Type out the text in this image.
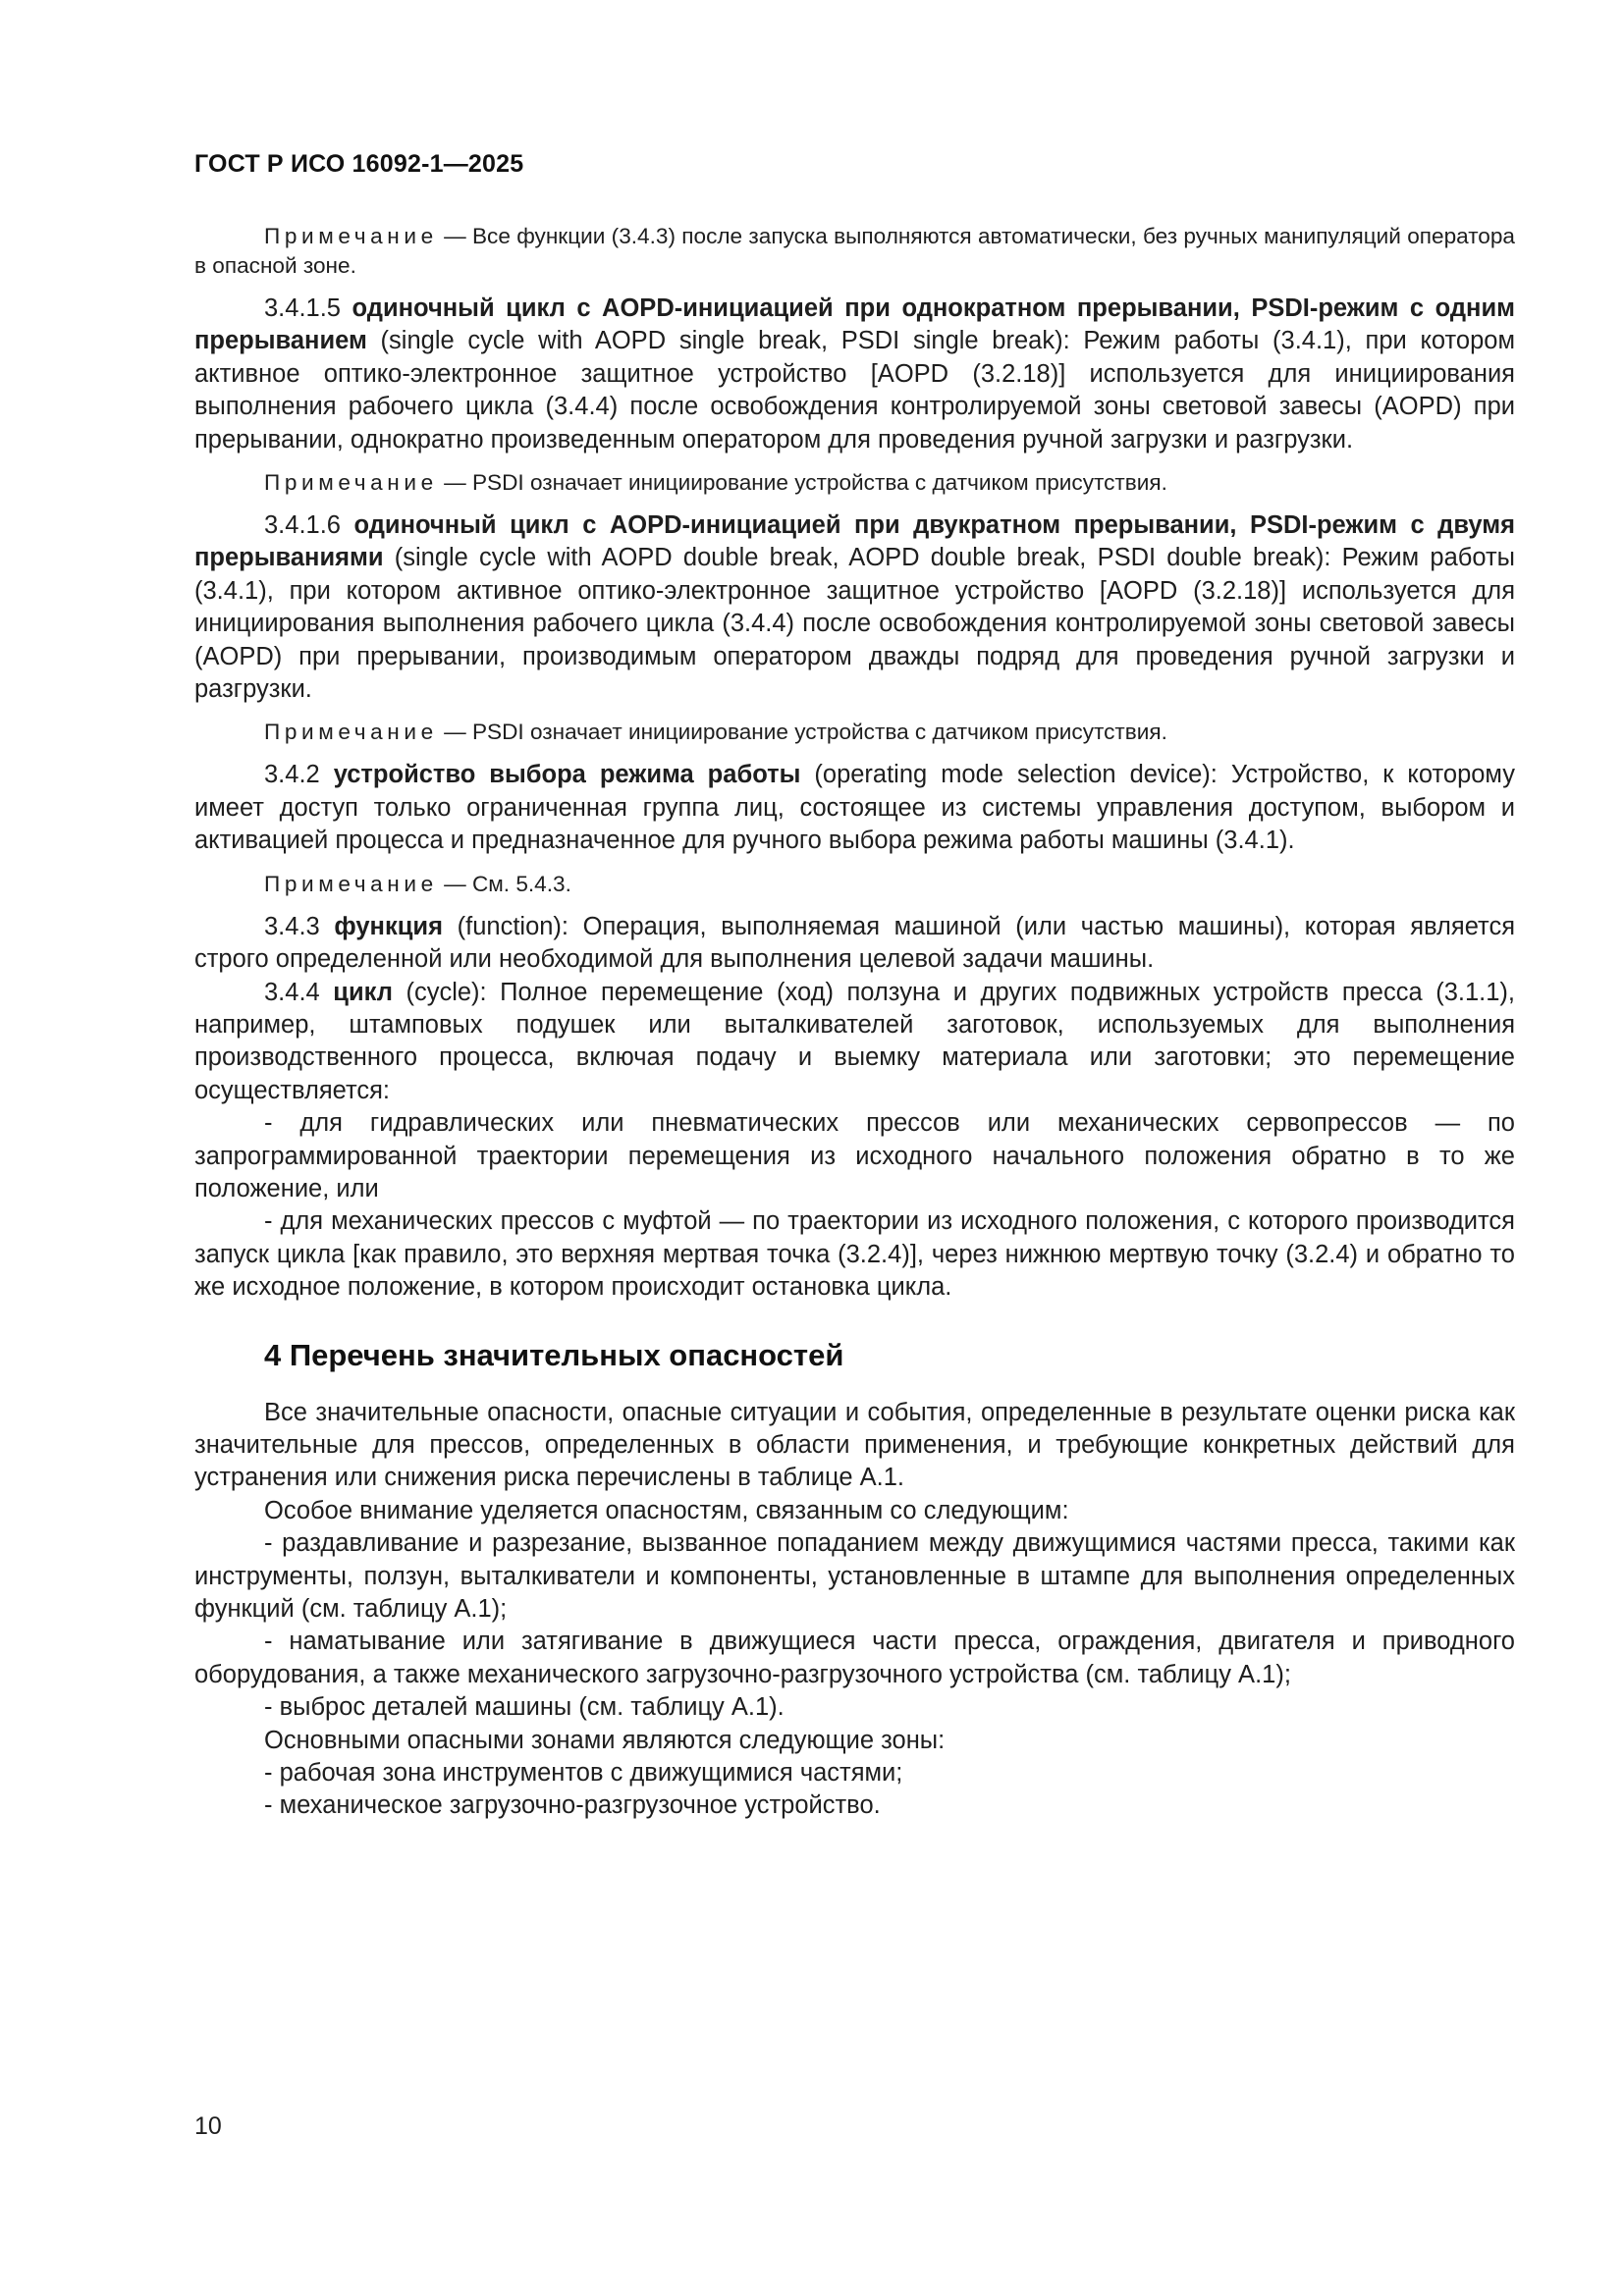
ГОСТ Р ИСО 16092-1—2025

Примечание — Все функции (3.4.3) после запуска выполняются автоматически, без ручных манипуляций оператора в опасной зоне.

3.4.1.5 одиночный цикл с AOPD-инициацией при однократном прерывании, PSDI-режим с одним прерыванием (single cycle with AOPD single break, PSDI single break): Режим работы (3.4.1), при котором активное оптико-электронное защитное устройство [AOPD (3.2.18)] используется для инициирования выполнения рабочего цикла (3.4.4) после освобождения контролируемой зоны световой завесы (AOPD) при прерывании, однократно произведенным оператором для проведения ручной загрузки и разгрузки.

Примечание — PSDI означает инициирование устройства с датчиком присутствия.

3.4.1.6 одиночный цикл с AOPD-инициацией при двукратном прерывании, PSDI-режим с двумя прерываниями (single cycle with AOPD double break, AOPD double break, PSDI double break): Режим работы (3.4.1), при котором активное оптико-электронное защитное устройство [AOPD (3.2.18)] используется для инициирования выполнения рабочего цикла (3.4.4) после освобождения контролируемой зоны световой завесы (AOPD) при прерывании, производимым оператором дважды подряд для проведения ручной загрузки и разгрузки.

Примечание — PSDI означает инициирование устройства с датчиком присутствия.

3.4.2 устройство выбора режима работы (operating mode selection device): Устройство, к которому имеет доступ только ограниченная группа лиц, состоящее из системы управления доступом, выбором и активацией процесса и предназначенное для ручного выбора режима работы машины (3.4.1).

Примечание — См. 5.4.3.

3.4.3 функция (function): Операция, выполняемая машиной (или частью машины), которая является строго определенной или необходимой для выполнения целевой задачи машины.

3.4.4 цикл (cycle): Полное перемещение (ход) ползуна и других подвижных устройств пресса (3.1.1), например, штамповых подушек или выталкивателей заготовок, используемых для выполнения производственного процесса, включая подачу и выемку материала или заготовки; это перемещение осуществляется:

- для гидравлических или пневматических прессов или механических сервопрессов — по запрограммированной траектории перемещения из исходного начального положения обратно в то же положение, или

- для механических прессов с муфтой — по траектории из исходного положения, с которого производится запуск цикла [как правило, это верхняя мертвая точка (3.2.4)], через нижнюю мертвую точку (3.2.4) и обратно то же исходное положение, в котором происходит остановка цикла.

4 Перечень значительных опасностей

Все значительные опасности, опасные ситуации и события, определенные в результате оценки риска как значительные для прессов, определенных в области применения, и требующие конкретных действий для устранения или снижения риска перечислены в таблице А.1.

Особое внимание уделяется опасностям, связанным со следующим:

- раздавливание и разрезание, вызванное попаданием между движущимися частями пресса, такими как инструменты, ползун, выталкиватели и компоненты, установленные в штампе для выполнения определенных функций (см. таблицу А.1);

- наматывание или затягивание в движущиеся части пресса, ограждения, двигателя и приводного оборудования, а также механического загрузочно-разгрузочного устройства (см. таблицу А.1);

- выброс деталей машины (см. таблицу А.1).

Основными опасными зонами являются следующие зоны:

- рабочая зона инструментов с движущимися частями;

- механическое загрузочно-разгрузочное устройство.

10
